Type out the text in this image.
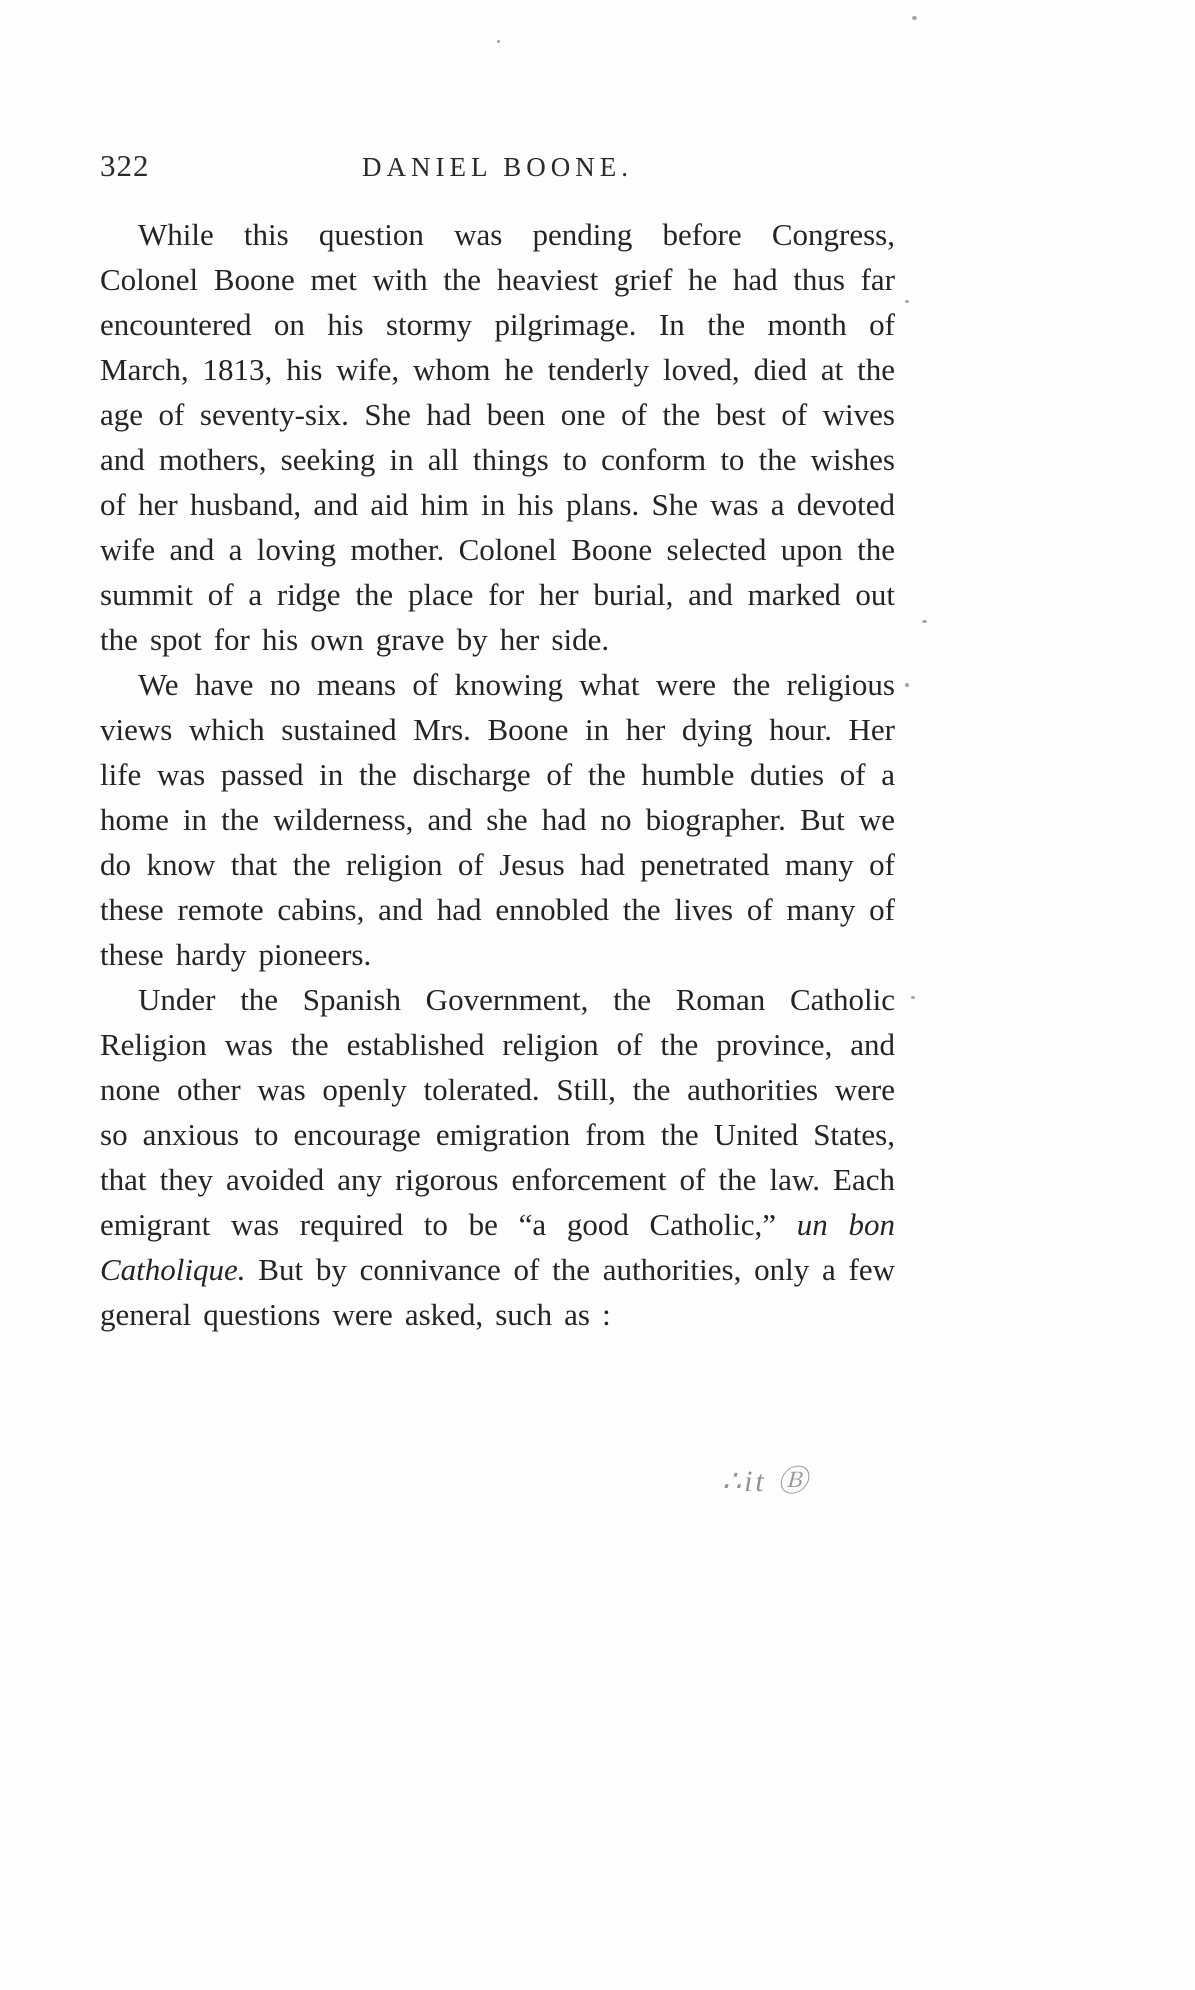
322	DANIEL BOONE.

While this question was pending before Congress, Colonel Boone met with the heaviest grief he had thus far encountered on his stormy pilgrimage. In the month of March, 1813, his wife, whom he tenderly loved, died at the age of seventy-six. She had been one of the best of wives and mothers, seeking in all things to conform to the wishes of her husband, and aid him in his plans. She was a devoted wife and a loving mother. Colonel Boone selected upon the summit of a ridge the place for her burial, and marked out the spot for his own grave by her side.

We have no means of knowing what were the religious views which sustained Mrs. Boone in her dying hour. Her life was passed in the discharge of the humble duties of a home in the wilderness, and she had no biographer. But we do know that the religion of Jesus had penetrated many of these remote cabins, and had ennobled the lives of many of these hardy pioneers.

Under the Spanish Government, the Roman Catholic Religion was the established religion of the province, and none other was openly tolerated. Still, the authorities were so anxious to encourage emigration from the United States, that they avoided any rigorous enforcement of the law. Each emigrant was required to be “a good Catholic,” un bon Catholique. But by connivance of the authorities, only a few general questions were asked, such as :

∴it Ⓑ
